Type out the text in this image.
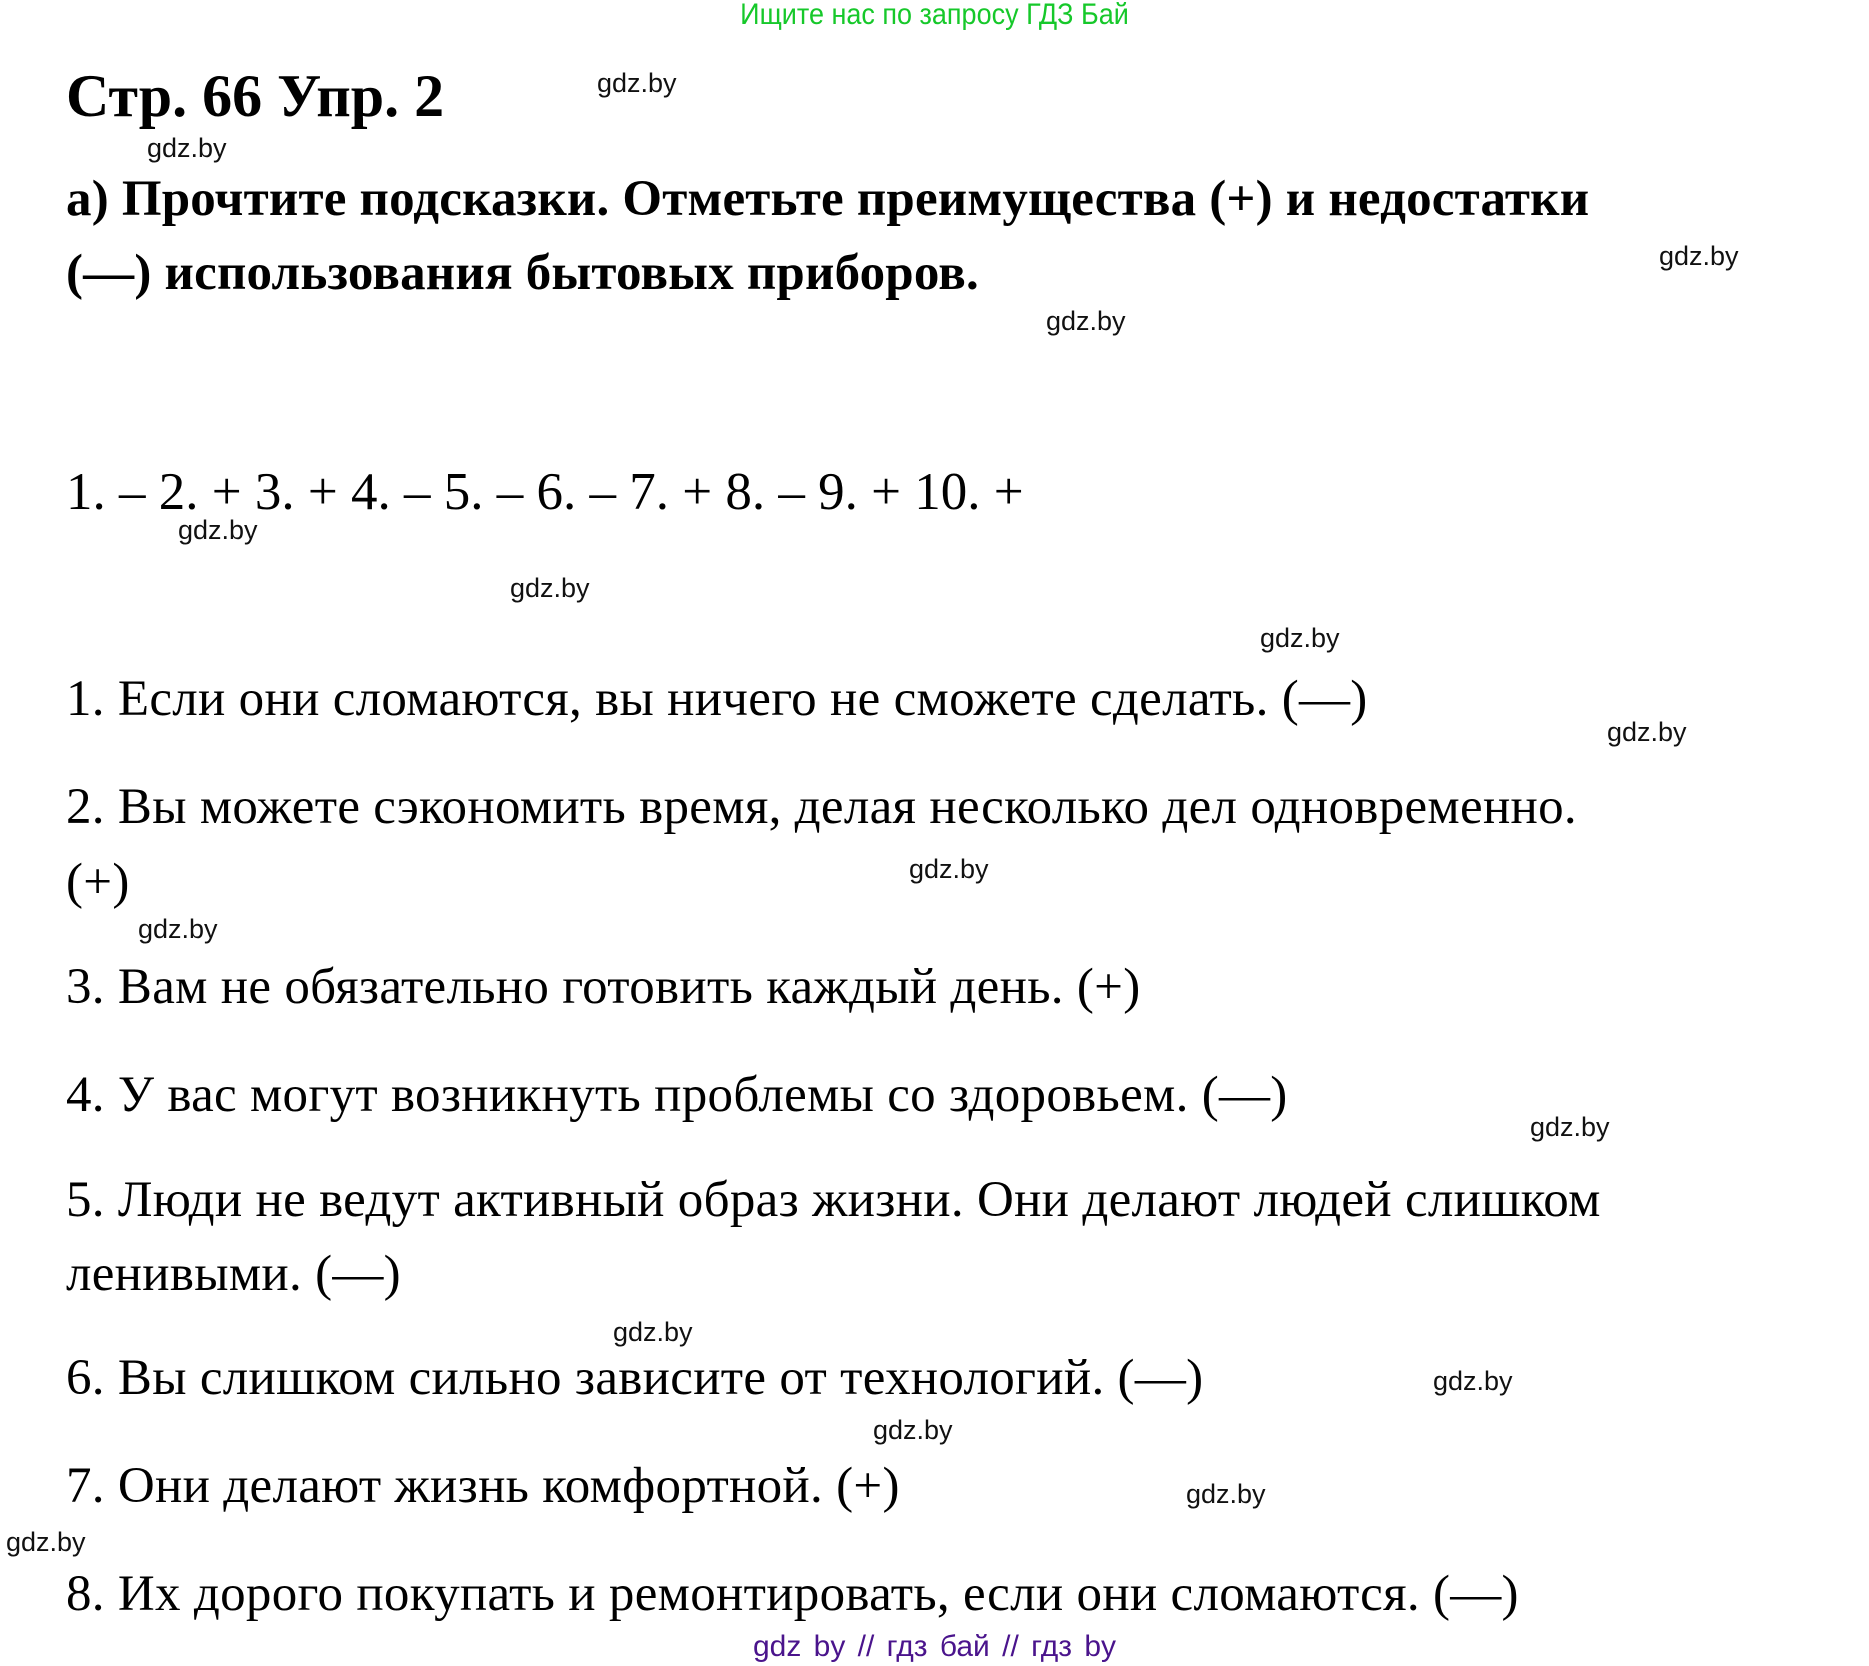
Ищите нас по запросу ГДЗ Бай
Стр. 66 Упр. 2
а) Прочтите подсказки. Отметьте преимущества (+) и недостатки
(—) использования бытовых приборов.
1. – 2. + 3. + 4. – 5. – 6. – 7. + 8. – 9. + 10. +
1. Если они сломаются, вы ничего не сможете сделать. (—)
2. Вы можете сэкономить время, делая несколько дел одновременно.
(+)
3. Вам не обязательно готовить каждый день. (+)
4. У вас могут возникнуть проблемы со здоровьем. (—)
5. Люди не ведут активный образ жизни. Они делают людей слишком
ленивыми. (—)
6. Вы слишком сильно зависите от технологий. (—)
7. Они делают жизнь комфортной. (+)
8. Их дорого покупать и ремонтировать, если они сломаются. (—)
gdz.by
gdz.by
gdz.by
gdz.by
gdz.by
gdz.by
gdz.by
gdz.by
gdz.by
gdz.by
gdz.by
gdz.by
gdz.by
gdz.by
gdz.by
gdz.by
gdz by // гдз бай // гдз by
